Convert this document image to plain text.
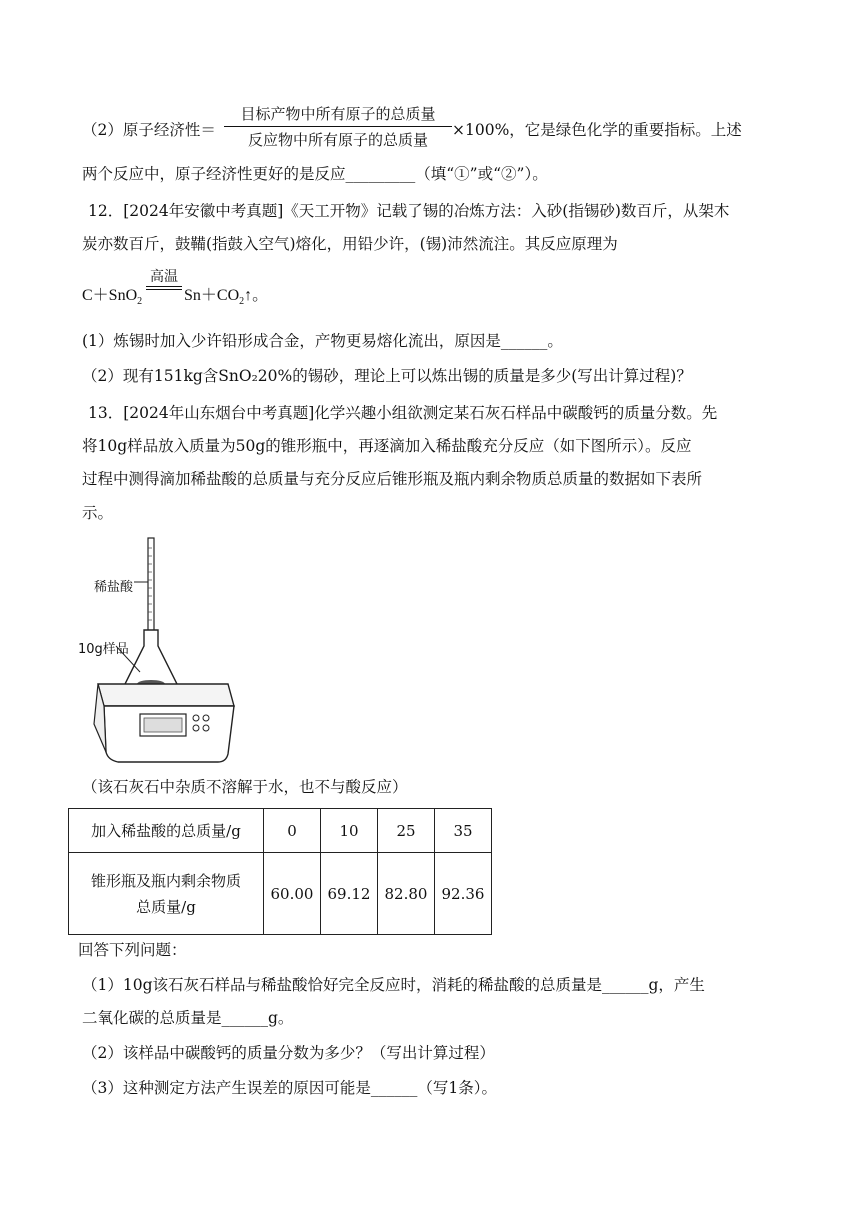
（2）原子经济性＝
目标产物中所有原子的总质量
反应物中所有原子的总质量
×100%，它是绿色化学的重要指标。上述
两个反应中，原子经济性更好的是反应_________（填“①”或“②”）。
12．[2024年安徽中考真题]《天工开物》记载了锡的冶炼方法：入砂(指锡砂)数百斤，从架木
炭亦数百斤，鼓鞴(指鼓入空气)熔化，用铅少许，(锡)沛然流注。其反应原理为
C＋SnO$_2$
高温
$Sn+CO_2↑$。
(1）炼锡时加入少许铅形成合金，产物更易熔化流出，原因是______。
（2）现有151kg含SnO₂20%的锡砂，理论上可以炼出锡的质量是多少(写出计算过程)？
13．[2024年山东烟台中考真题]化学兴趣小组欲测定某石灰石样品中碳酸钙的质量分数。先
将10g样品放入质量为50g的锥形瓶中，再逐滴加入稀盐酸充分反应（如下图所示）。反应
过程中测得滴加稀盐酸的总质量与充分反应后锥形瓶及瓶内剩余物质总质量的数据如下表所
示。
稀盐酸
10g样品
（该石灰石中杂质不溶解于水，也不与酸反应）
加入稀盐酸的总质量/g	0	10	25	35

锥形瓶及瓶内剩余物质
总质量/g	60.00	69.12	82.80	92.36
回答下列问题：
（1）10g该石灰石样品与稀盐酸恰好完全反应时，消耗的稀盐酸的总质量是______g，产生
二氧化碳的总质量是______g。
（2）该样品中碳酸钙的质量分数为多少？（写出计算过程）
（3）这种测定方法产生误差的原因可能是______（写1条）。
